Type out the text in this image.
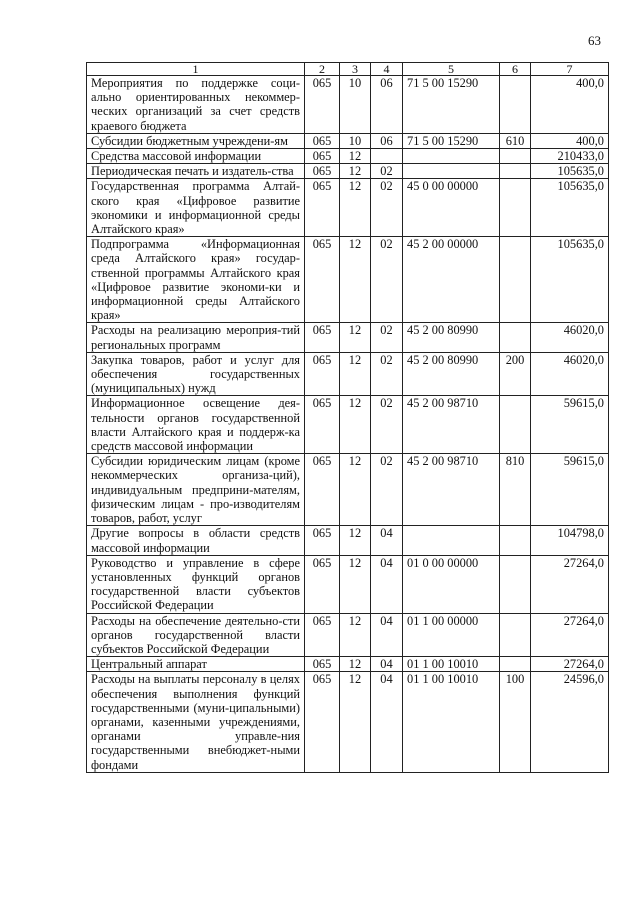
63
1	2	3	4	5	6	7
Мероприятия по поддержке соци-ально ориентированных некоммер-ческих организаций за счет средств краевого бюджета	065	10	06	71 5 00 15290		400,0
Субсидии бюджетным учреждени-ям	065	10	06	71 5 00 15290	610	400,0
Средства массовой информации	065	12				210433,0
Периодическая печать и издатель-ства	065	12	02			105635,0
Государственная программа Алтай-ского края «Цифровое развитие экономики и информационной среды Алтайского края»	065	12	02	45 0 00 00000		105635,0
Подпрограмма «Информационная среда Алтайского края» государ-ственной программы Алтайского края «Цифровое развитие экономи-ки и информационной среды Алтайского края»	065	12	02	45 2 00 00000		105635,0
Расходы на реализацию мероприя-тий региональных программ	065	12	02	45 2 00 80990		46020,0
Закупка товаров, работ и услуг для обеспечения государственных (муниципальных) нужд	065	12	02	45 2 00 80990	200	46020,0
Информационное освещение дея-тельности органов государственной власти Алтайского края и поддерж-ка средств массовой информации	065	12	02	45 2 00 98710		59615,0
Субсидии юридическим лицам (кроме некоммерческих организа-ций), индивидуальным предприни-мателям, физическим лицам - про-изводителям товаров, работ, услуг	065	12	02	45 2 00 98710	810	59615,0
Другие вопросы в области средств массовой информации	065	12	04			104798,0
Руководство и управление в сфере установленных функций органов государственной власти субъектов Российской Федерации	065	12	04	01 0 00 00000		27264,0
Расходы на обеспечение деятельно-сти органов государственной власти субъектов Российской Федерации	065	12	04	01 1 00 00000		27264,0
Центральный аппарат	065	12	04	01 1 00 10010		27264,0
Расходы на выплаты персоналу в целях обеспечения выполнения функций государственными (муни-ципальными) органами, казенными учреждениями, органами управле-ния государственными внебюджет-ными фондами	065	12	04	01 1 00 10010	100	24596,0
